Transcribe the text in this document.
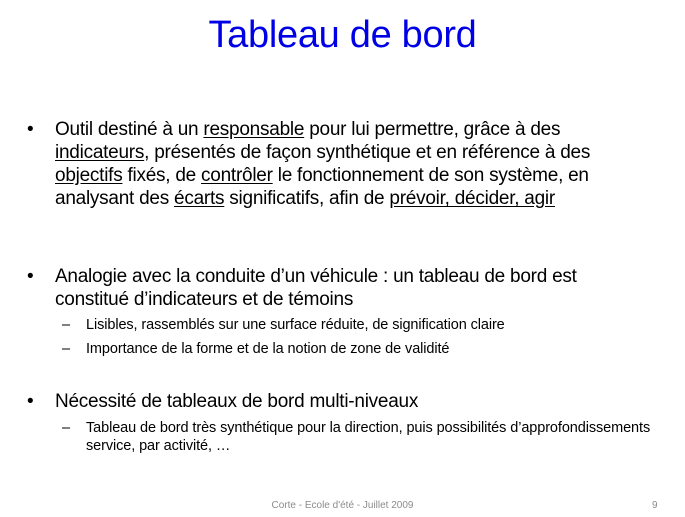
Tableau de bord
• Outil destiné à un responsable pour lui permettre, grâce à des indicateurs, présentés de façon synthétique et en référence à des objectifs fixés, de contrôler le fonctionnement de son système, en analysant des écarts significatifs, afin de prévoir, décider, agir
• Analogie avec la conduite d’un véhicule : un tableau de bord est constitué d’indicateurs et de témoins
– Lisibles, rassemblés sur une surface réduite, de signification claire
– Importance de la forme et de la notion de zone de validité
• Nécessité de tableaux de bord multi-niveaux
– Tableau de bord très synthétique pour la direction, puis possibilités d’approfondissements service, par activité, …
Corte - Ecole d'été - Juillet 2009	9
